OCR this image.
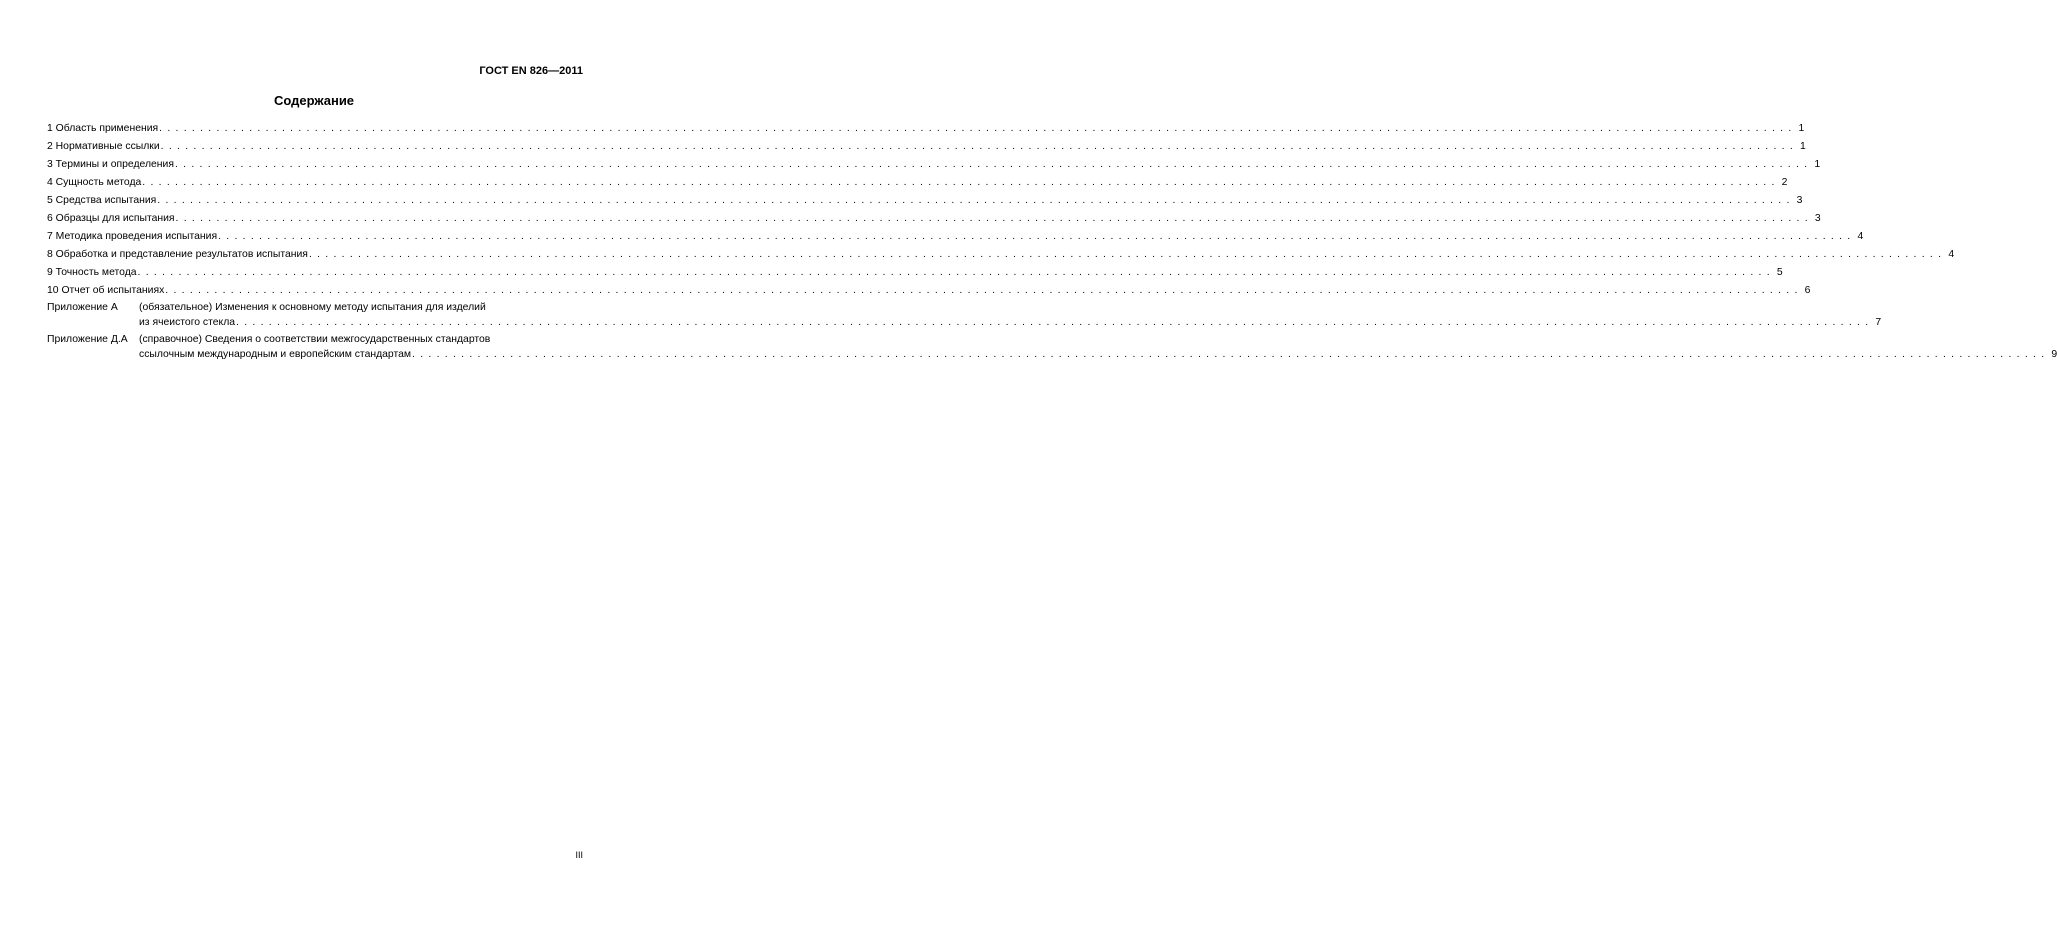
ГОСТ EN 826—2011
Содержание
1 Область применения ........................................................................................................................................................................................................ 1
2 Нормативные ссылки ........................................................................................................................................................................................................ 1
3 Термины и определения ........................................................................................................................................................................................................ 1
4 Сущность метода ........................................................................................................................................................................................................ 2
5 Средства испытания ........................................................................................................................................................................................................ 3
6 Образцы для испытания ........................................................................................................................................................................................................ 3
7 Методика проведения испытания ........................................................................................................................................................................................................ 4
8 Обработка и представление результатов испытания ........................................................................................................................................................................................................ 4
9 Точность метода ........................................................................................................................................................................................................ 5
10 Отчет об испытаниях ........................................................................................................................................................................................................ 6
Приложение А (обязательное) Изменения к основному методу испытания для изделий
из ячеистого стекла ........................................................................................................................................................................................................ 7
Приложение Д.А (справочное) Сведения о соответствии межгосударственных стандартов
ссылочным международным и европейским стандартам ........................................................................................................................................................................................................ 9
III
